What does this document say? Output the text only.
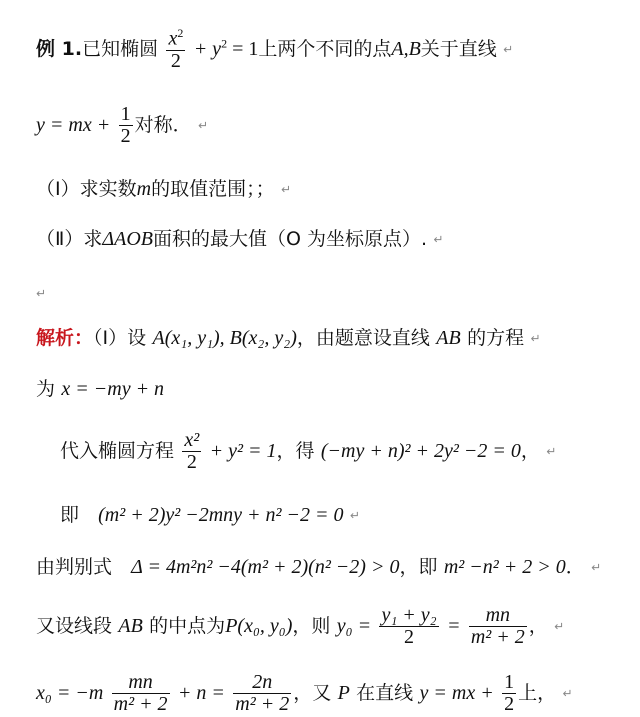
例 1.已知椭圆 $\frac{x^2}{2} + y^2 = 1$上两个不同的点A,B关于直线 ↵
y = mx + $\frac{1}{2}$ 对称． ↵
（Ⅰ）求实数m的取值范围；； ↵
（Ⅱ）求ΔAOB面积的最大值（O 为坐标原点）. ↵
↵
解析：（Ⅰ）设 A(x₁, y₁), B(x₂, y₂)，由题意设直线 AB 的方程 ↵
为 x = −my + n
代入椭圆方程 $\frac{\text{x²}}{2} + y^2 = 1$，得 (−my + n)² + 2y² −2 = 0， ↵
即 (m² + 2)y² −2mny + n² −2 = 0 ↵
由判别式 Δ = 4m²n² −4(m² + 2)(n² −2) > 0，即 m² −n² + 2 > 0． ↵
又设线段 AB 的中点为P(x₀, y₀)，则 $y_0 = \frac{\text{y₁ + y₂}}{2} = \frac{mn}{\text{m² + 2}}$ ， ↵
$x_0 = -m \frac{mn}{\text{m² + 2}} + n = \frac{2n}{\text{m² + 2}}$ ，又 P 在直线 y = mx + $\frac{1}{2}$ 上， ↵
